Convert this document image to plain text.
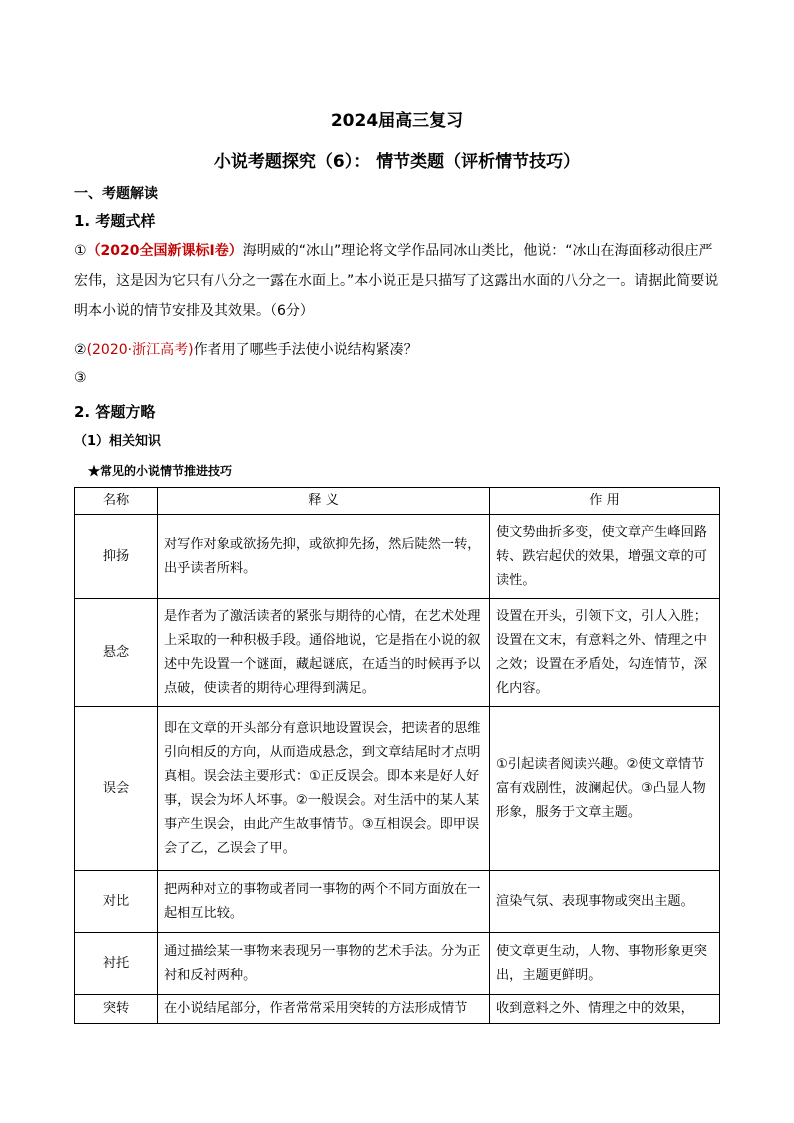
2024届高三复习
小说考题探究（6）： 情节类题（评析情节技巧）
一、考题解读
1. 考题式样
①（2020全国新课标Ⅰ卷）海明威的“冰山”理论将文学作品同冰山类比，他说：“冰山在海面移动很庄严宏伟，这是因为它只有八分之一露在水面上。”本小说正是只描写了这露出水面的八分之一。请据此简要说明本小说的情节安排及其效果。（6分）
②(2020·浙江高考)作者用了哪些手法使小说结构紧凑？
③
2. 答题方略
（1）相关知识
★常见的小说情节推进技巧
名称	释 义	作 用
抑扬	对写作对象或欲扬先抑，或欲抑先扬，然后陡然一转，出乎读者所料。	使文势曲折多变，使文章产生峰回路转、跌宕起伏的效果，增强文章的可读性。
悬念	是作者为了激活读者的紧张与期待的心情，在艺术处理上采取的一种积极手段。通俗地说，它是指在小说的叙述中先设置一个谜面，藏起谜底，在适当的时候再予以点破，使读者的期待心理得到满足。	设置在开头，引领下文，引人入胜；设置在文末，有意料之外、情理之中之效；设置在矛盾处，勾连情节，深化内容。
误会	即在文章的开头部分有意识地设置误会，把读者的思维引向相反的方向，从而造成悬念，到文章结尾时才点明真相。误会法主要形式：①正反误会。即本来是好人好事，误会为坏人坏事。②一般误会。对生活中的某人某事产生误会，由此产生故事情节。③互相误会。即甲误会了乙，乙误会了甲。	①引起读者阅读兴趣。②使文章情节富有戏剧性，波澜起伏。③凸显人物形象，服务于文章主题。
对比	把两种对立的事物或者同一事物的两个不同方面放在一起相互比较。	渲染气氛、表现事物或突出主题。
衬托	通过描绘某一事物来表现另一事物的艺术手法。分为正衬和反衬两种。	使文章更生动，人物、事物形象更突出，主题更鲜明。
突转	在小说结尾部分，作者常常采用突转的方法形成情节	收到意料之外、情理之中的效果，
